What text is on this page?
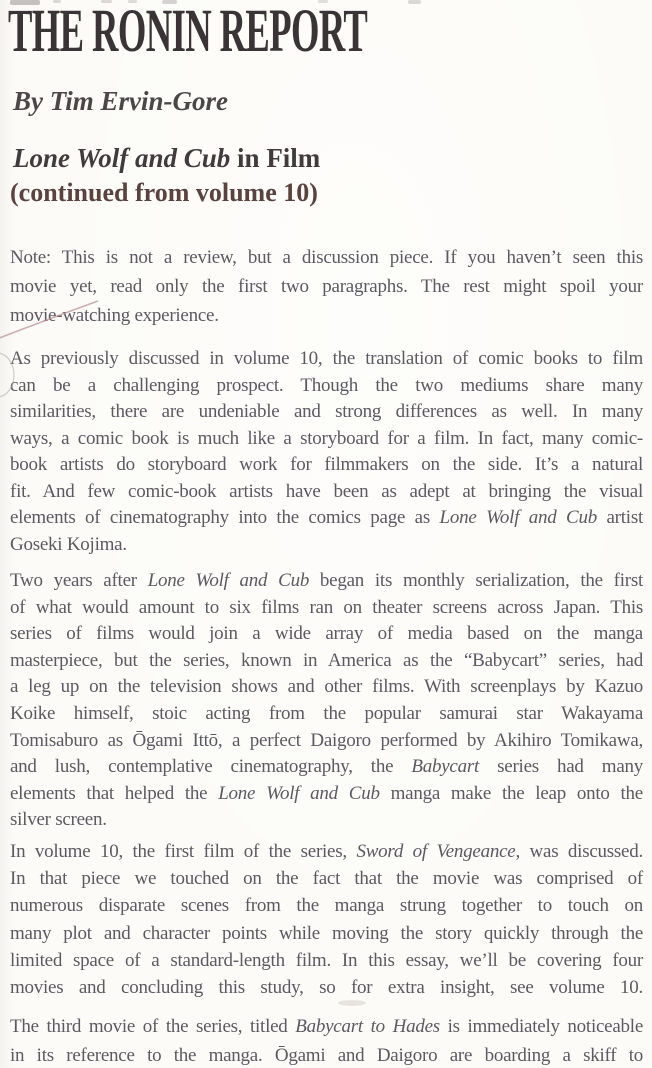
THE RONIN REPORT
By Tim Ervin-Gore
Lone Wolf and Cub in Film
(continued from volume 10)
Note: This is not a review, but a discussion piece. If you haven’t seen this
movie yet, read only the first two paragraphs. The rest might spoil your
movie-watching experience.
As previously discussed in volume 10, the translation of comic books to film
can be a challenging prospect. Though the two mediums share many
similarities, there are undeniable and strong differences as well. In many
ways, a comic book is much like a storyboard for a film. In fact, many comic-
book artists do storyboard work for filmmakers on the side. It’s a natural
fit. And few comic-book artists have been as adept at bringing the visual
elements of cinematography into the comics page as Lone Wolf and Cub artist
Goseki Kojima.
Two years after Lone Wolf and Cub began its monthly serialization, the first
of what would amount to six films ran on theater screens across Japan. This
series of films would join a wide array of media based on the manga
masterpiece, but the series, known in America as the “Babycart” series, had
a leg up on the television shows and other films. With screenplays by Kazuo
Koike himself, stoic acting from the popular samurai star Wakayama
Tomisaburo as Ōgami Ittō, a perfect Daigoro performed by Akihiro Tomikawa,
and lush, contemplative cinematography, the Babycart series had many
elements that helped the Lone Wolf and Cub manga make the leap onto the
silver screen.
In volume 10, the first film of the series, Sword of Vengeance, was discussed.
In that piece we touched on the fact that the movie was comprised of
numerous disparate scenes from the manga strung together to touch on
many plot and character points while moving the story quickly through the
limited space of a standard-length film. In this essay, we’ll be covering four
movies and concluding this study, so for extra insight, see volume 10.
The third movie of the series, titled Babycart to Hades is immediately noticeable
in its reference to the manga. Ōgami and Daigoro are boarding a skiff to
